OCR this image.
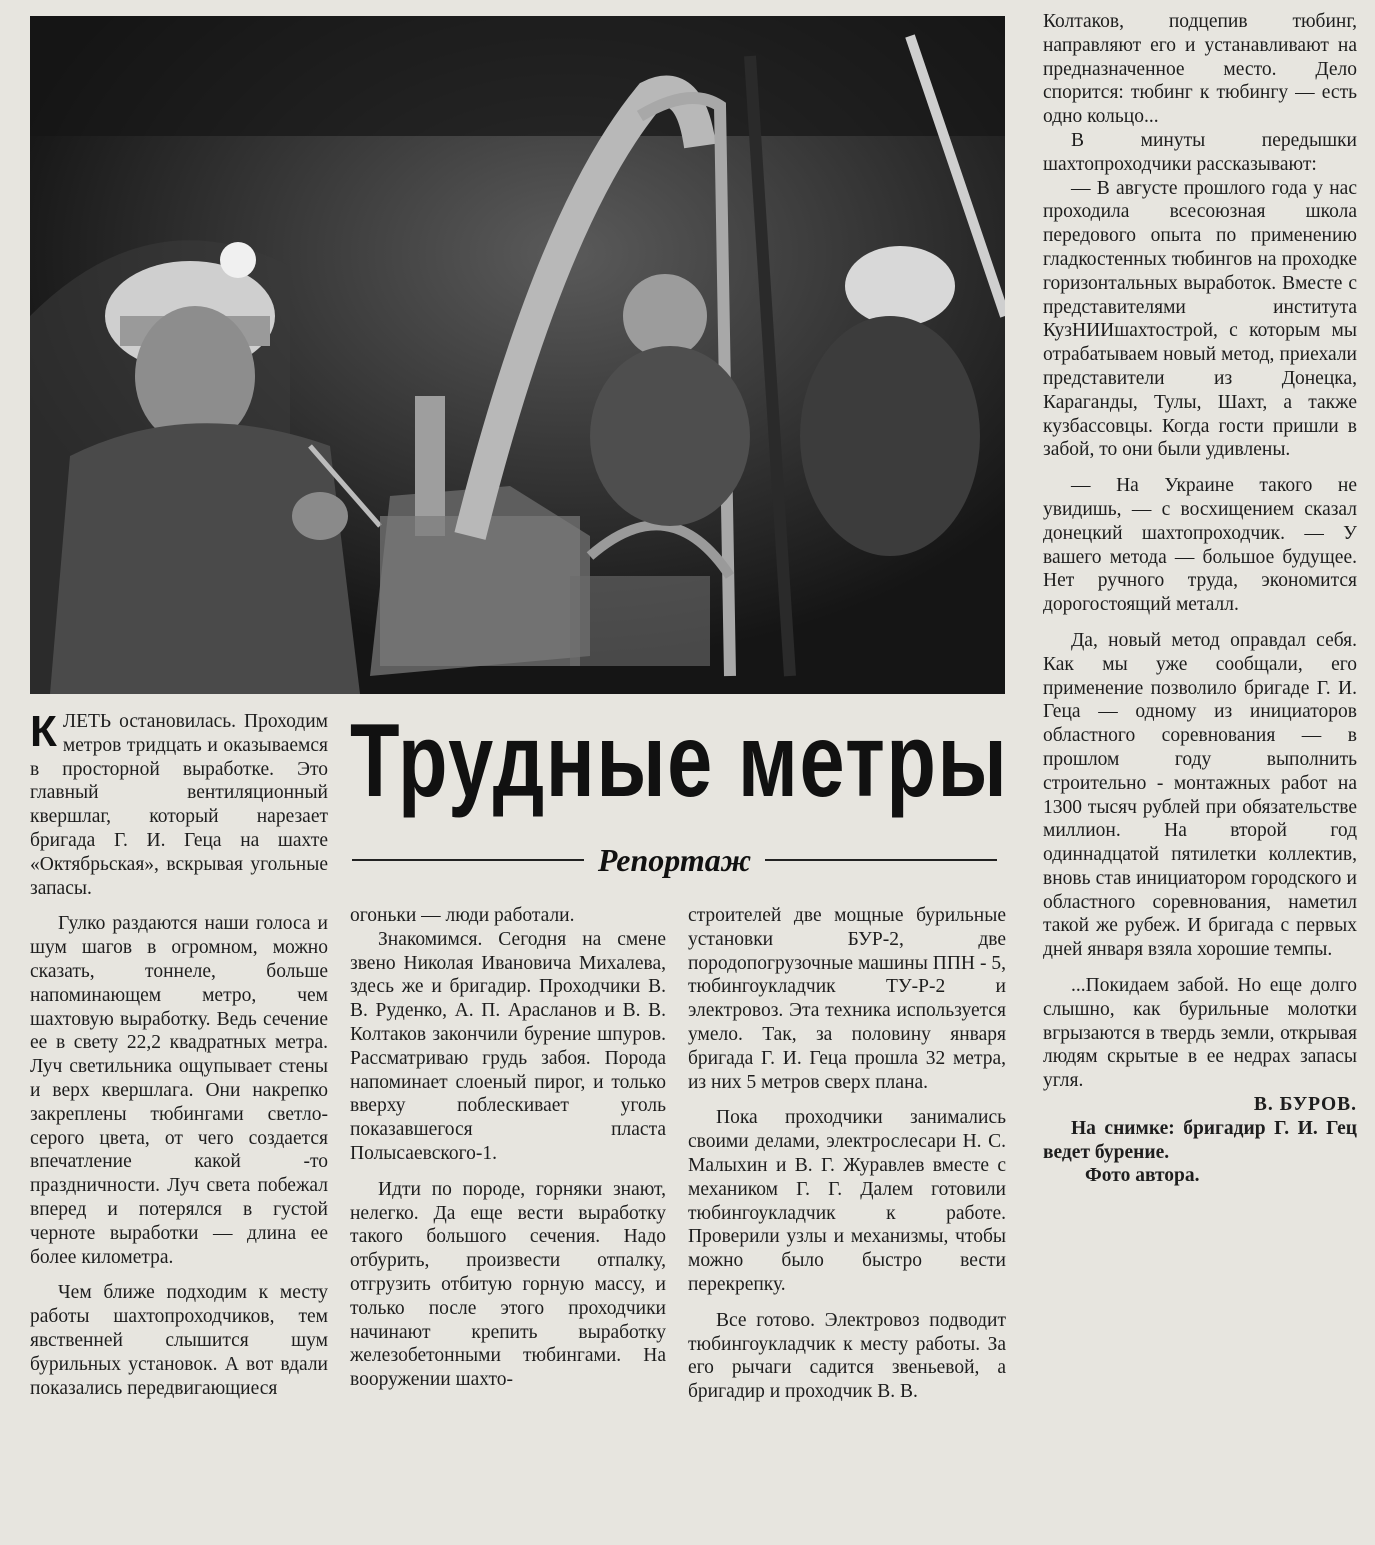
Трудные метры
Репортаж

КЛЕТЬ остановилась. Проходим метров тридцать и оказываемся в просторной выработке. Это главный вентиляционный квершлаг, который нарезает бригада Г. И. Геца на шахте «Октябрьская», вскрывая угольные запасы.

Гулко раздаются наши голоса и шум шагов в огромном, можно сказать, тоннеле, больше напоминающем метро, чем шахтовую выработку. Ведь сечение ее в свету 22,2 квадратных метра. Луч светильника ощупывает стены и верх квершлага. Они накрепко закреплены тюбингами светло-серого цвета, от чего создается впечатление какой -то праздничности. Луч света побежал вперед и потерялся в густой черноте выработки — длина ее более километра.

Чем ближе подходим к месту работы шахтопроходчиков, тем явственней слышится шум бурильных установок. А вот вдали показались передвигающиеся

огоньки — люди работали.

Знакомимся. Сегодня на смене звено Николая Ивановича Михалева, здесь же и бригадир. Проходчики В. В. Руденко, А. П. Арасланов и В. В. Колтаков закончили бурение шпуров. Рассматриваю грудь забоя. Порода напоминает слоеный пирог, и только вверху поблескивает уголь показавшегося пласта Полысаевского-1.

Идти по породе, горняки знают, нелегко. Да еще вести выработку такого большого сечения. Надо отбурить, произвести отпалку, отгрузить отбитую горную массу, и только после этого проходчики начинают крепить выработку железобетонными тюбингами. На вооружении шахто-

строителей две мощные бурильные установки БУР-2, две породопогрузочные машины ППН - 5, тюбингоукладчик ТУ-Р-2 и электровоз. Эта техника используется умело. Так, за половину января бригада Г. И. Геца прошла 32 метра, из них 5 метров сверх плана.

Пока проходчики занимались своими делами, электрослесари Н. С. Малыхин и В. Г. Журавлев вместе с механиком Г. Г. Далем готовили тюбингоукладчик к работе. Проверили узлы и механизмы, чтобы можно было быстро вести перекрепку.

Все готово. Электровоз подводит тюбингоукладчик к месту работы. За его рычаги садится звеньевой, а бригадир и проходчик В. В.

Колтаков, подцепив тюбинг, направляют его и устанавливают на предназначенное место. Дело спорится: тюбинг к тюбингу — есть одно кольцо...

В минуты передышки шахтопроходчики рассказывают:

— В августе прошлого года у нас проходила всесоюзная школа передового опыта по применению гладкостенных тюбингов на проходке горизонтальных выработок. Вместе с представителями института КузНИИшахтострой, с которым мы отрабатываем новый метод, приехали представители из Донецка, Караганды, Тулы, Шахт, а также кузбассовцы. Когда гости пришли в забой, то они были удивлены.

— На Украине такого не увидишь, — с восхищением сказал донецкий шахтопроходчик. — У вашего метода — большое будущее. Нет ручного труда, экономится дорогостоящий металл.

Да, новый метод оправдал себя. Как мы уже сообщали, его применение позволило бригаде Г. И. Геца — одному из инициаторов областного соревнования — в прошлом году выполнить строительно - монтажных работ на 1300 тысяч рублей при обязательстве миллион. На второй год одиннадцатой пятилетки коллектив, вновь став инициатором городского и областного соревнования, наметил такой же рубеж. И бригада с первых дней января взяла хорошие темпы.

...Покидаем забой. Но еще долго слышно, как бурильные молотки вгрызаются в твердь земли, открывая людям скрытые в ее недрах запасы угля.

В. БУРОВ.

На снимке: бригадир Г. И. Гец ведет бурение.

Фото автора.
